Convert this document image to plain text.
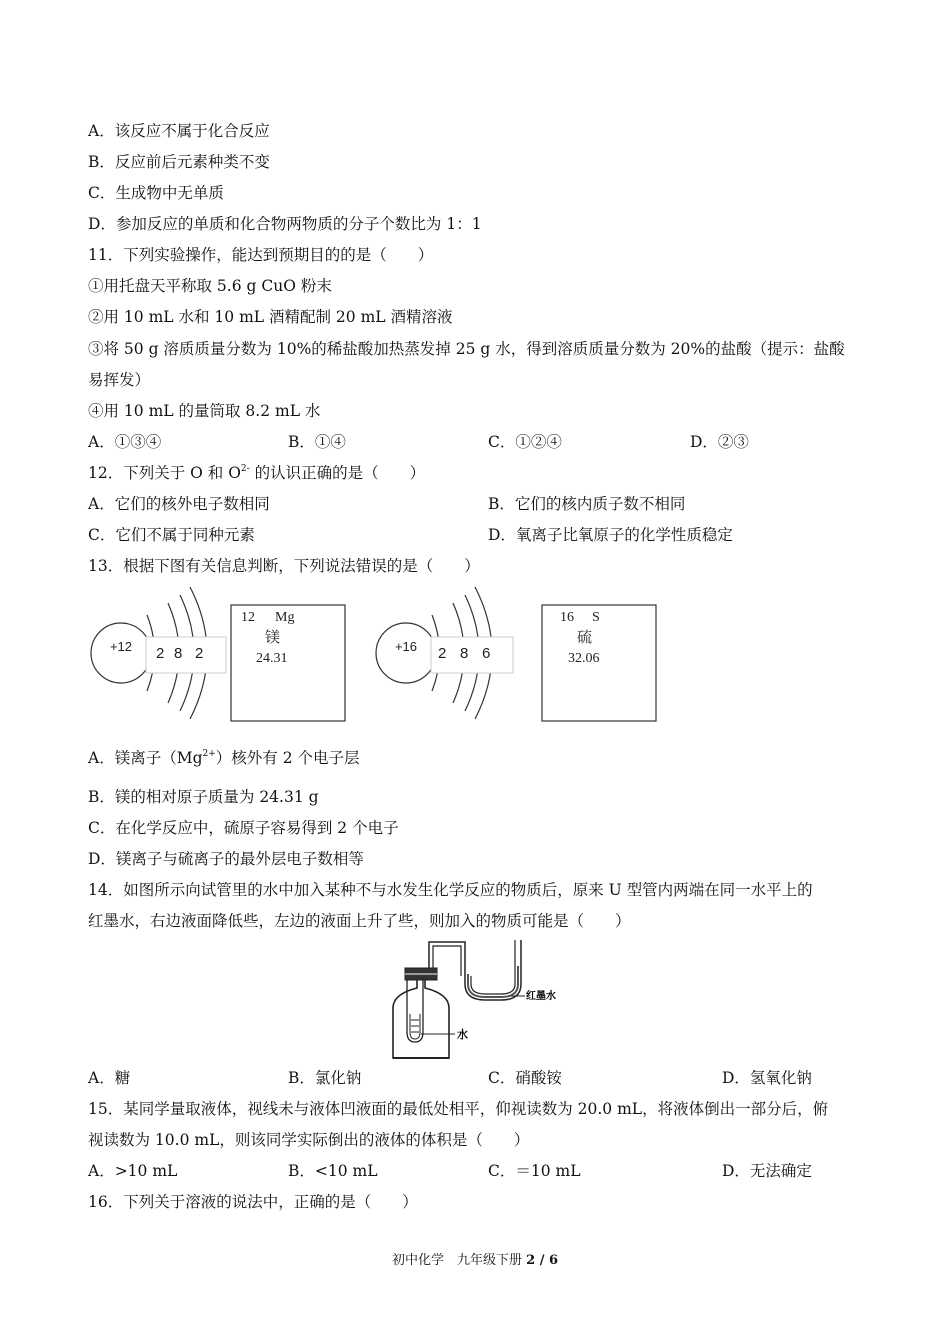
A．该反应不属于化合反应
B．反应前后元素种类不变
C．生成物中无单质
D．参加反应的单质和化合物两物质的分子个数比为 1：1
11．下列实验操作，能达到预期目的的是（　　）
①用托盘天平称取 5.6 g CuO 粉末
②用 10 mL 水和 10 mL 酒精配制 20 mL 酒精溶液
③将 50 g 溶质质量分数为 10%的稀盐酸加热蒸发掉 25 g 水，得到溶质质量分数为 20%的盐酸（提示：盐酸
易挥发）
④用 10 mL 的量筒取 8.2 mL 水
A．①③④	B．①④	C．①②④	D．②③
12．下列关于 O 和 $O^{2-}$ 的认识正确的是（　　）
A．它们的核外电子数相同	B．它们的核内质子数不相同
C．它们不属于同种元素	D．氧离子比氧原子的化学性质稳定
13．根据下图有关信息判断，下列说法错误的是（　　）
+12 2 8 2
12 Mg
镁
24.31
+16 2 8 6
16 S
硫
32.06
A．镁离子$(Mg^{2+})$核外有 2 个电子层
B．镁的相对原子质量为 24.31 g
C．在化学反应中，硫原子容易得到 2 个电子
D．镁离子与硫离子的最外层电子数相等
14．如图所示向试管里的水中加入某种不与水发生化学反应的物质后，原来 U 型管内两端在同一水平上的
红墨水，右边液面降低些，左边的液面上升了些，则加入的物质可能是（　　）
水
红墨水
A．糖	B．氯化钠	C．硝酸铵	D．氢氧化钠
15．某同学量取液体，视线未与液体凹液面的最低处相平，仰视读数为 20.0 mL，将液体倒出一部分后，俯
视读数为 10.0 mL，则该同学实际倒出的液体的体积是（　　）
A．>10 mL	B．<10 mL	C．＝10 mL	D．无法确定
16．下列关于溶液的说法中，正确的是（　　）
初中化学　九年级下册 2 / 6
